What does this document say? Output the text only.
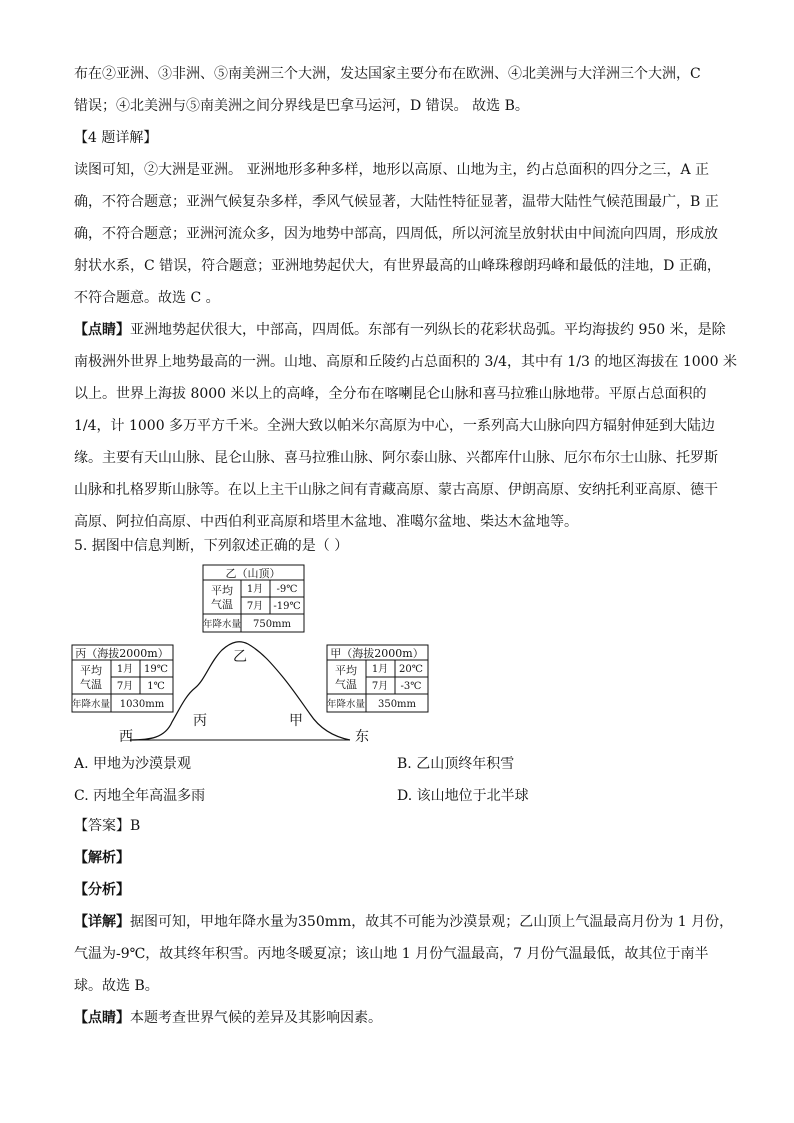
布在②亚洲、③非洲、⑤南美洲三个大洲，发达国家主要分布在欧洲、④北美洲与大洋洲三个大洲，C
错误；④北美洲与⑤南美洲之间分界线是巴拿马运河，D 错误。 故选 B。
【4 题详解】
读图可知，②大洲是亚洲。 亚洲地形多种多样，地形以高原、山地为主，约占总面积的四分之三，A 正
确，不符合题意；亚洲气候复杂多样，季风气候显著，大陆性特征显著，温带大陆性气候范围最广，B 正
确，不符合题意；亚洲河流众多，因为地势中部高，四周低，所以河流呈放射状由中间流向四周，形成放
射状水系，C 错误，符合题意；亚洲地势起伏大，有世界最高的山峰珠穆朗玛峰和最低的洼地，D 正确，
不符合题意。故选 C 。
【点睛】亚洲地势起伏很大，中部高，四周低。东部有一列纵长的花彩状岛弧。平均海拔约 950 米，是除
南极洲外世界上地势最高的一洲。山地、高原和丘陵约占总面积的 3/4，其中有 1/3 的地区海拔在 1000 米
以上。世界上海拔 8000 米以上的高峰，全分布在喀喇昆仑山脉和喜马拉雅山脉地带。平原占总面积的
1/4，计 1000 多万平方千米。全洲大致以帕米尔高原为中心，一系列高大山脉向四方辐射伸延到大陆边
缘。主要有天山山脉、昆仑山脉、喜马拉雅山脉、阿尔泰山脉、兴都库什山脉、厄尔布尔士山脉、托罗斯
山脉和扎格罗斯山脉等。在以上主干山脉之间有青藏高原、蒙古高原、伊朗高原、安纳托利亚高原、德干
高原、阿拉伯高原、中西伯利亚高原和塔里木盆地、准噶尔盆地、柴达木盆地等。
5. 据图中信息判断，下列叙述正确的是（ ）
乙（山顶）
平均
气温
1月 -9℃
7月 -19℃
年降水量 750mm
丙（海拔2000m）
平均
气温
1月 19℃
7月 1℃
年降水量 1030mm
甲（海拔2000m）
平均
气温
1月 20℃
7月 -3℃
年降水量 350mm
乙
丙	甲
西	东
A. 甲地为沙漠景观	B. 乙山顶终年积雪
C. 丙地全年高温多雨	D. 该山地位于北半球
【答案】B
【解析】
【分析】
【详解】据图可知，甲地年降水量为350mm，故其不可能为沙漠景观；乙山顶上气温最高月份为 1 月份，
气温为-9℃，故其终年积雪。丙地冬暖夏凉；该山地 1 月份气温最高，7 月份气温最低，故其位于南半
球。故选 B。
【点睛】本题考查世界气候的差异及其影响因素。
